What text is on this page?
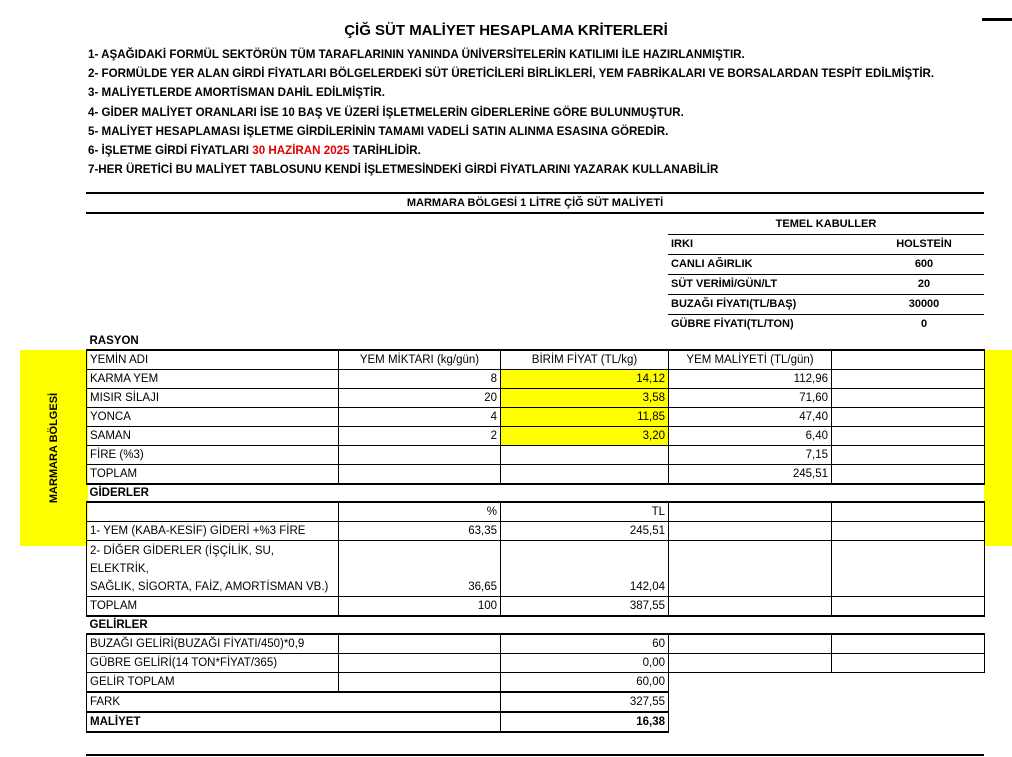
ÇİĞ SÜT MALİYET HESAPLAMA KRİTERLERİ
1- AŞAĞIDAKİ FORMÜL SEKTÖRÜN TÜM TARAFLARININ YANINDA ÜNİVERSİTELERİN KATILIMI İLE HAZIRLANMIŞTIR.
2- FORMÜLDE YER ALAN GİRDİ FİYATLARI BÖLGELERDEKİ SÜT ÜRETİCİLERİ BİRLİKLERİ, YEM FABRİKALARI VE BORSALARDAN TESPİT EDİLMİŞTİR.
3- MALİYETLERDE AMORTİSMAN DAHİL EDİLMİŞTİR.
4- GİDER MALİYET ORANLARI İSE 10 BAŞ VE ÜZERİ İŞLETMELERİN GİDERLERİNE GÖRE BULUNMUŞTUR.
5- MALİYET HESAPLAMASI İŞLETME GİRDİLERİNİN TAMAMI VADELİ SATIN ALINMA ESASINA GÖREDİR.
6- İŞLETME GİRDİ FİYATLARI 30 HAZİRAN 2025 TARİHLİDİR.
7-HER ÜRETİCİ BU MALİYET TABLOSUNU KENDİ İŞLETMESİNDEKİ GİRDİ FİYATLARINI YAZARAK KULLANABİLİR
MARMARA BÖLGESİ 1 LİTRE ÇİĞ SÜT MALİYETİ
MARMARA BÖLGESİ
TEMEL KABULLER	
IRKI	HOLSTEİN
CANLI AĞIRLIK	600
SÜT VERİMİ/GÜN/LT	20
BUZAĞI FİYATI(TL/BAŞ)	30000
GÜBRE FİYATI(TL/TON)	0
RASYON				
YEMİN ADI	YEM MİKTARI (kg/gün)	BİRİM FİYAT (TL/kg)	YEM MALİYETİ (TL/gün)	
KARMA YEM	8	14,12	112,96	
MISIR SİLAJI	20	3,58	71,60	
YONCA	4	11,85	47,40	
SAMAN	2	3,20	6,40	
FİRE (%3)			7,15	
TOPLAM			245,51	
GİDERLER				
	%	TL		
1- YEM (KABA-KESİF) GİDERİ +%3 FİRE	63,35	245,51		

2- DİĞER GİDERLER (İŞÇİLİK, SU, ELEKTRİK,
SAĞLIK, SİGORTA, FAİZ, AMORTİSMAN VB.)	36,65	142,04		
TOPLAM	100	387,55		
GELİRLER				
BUZAĞI GELİRİ(BUZAĞI FİYATI/450)*0,9		60		
GÜBRE GELİRİ(14 TON*FİYAT/365)		0,00		
GELİR TOPLAM		60,00		
FARK		327,55		
MALİYET		16,38		
